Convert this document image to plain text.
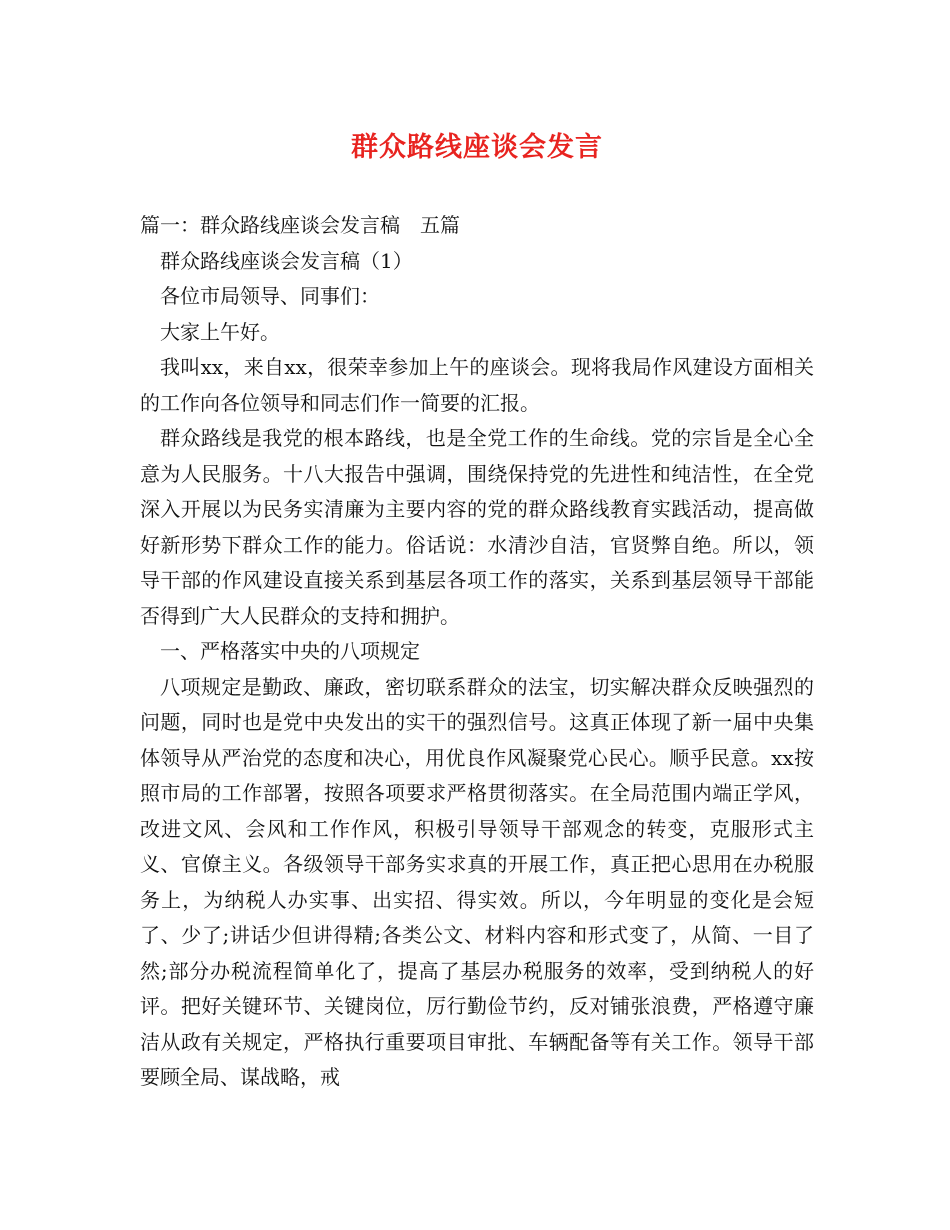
群众路线座谈会发言

篇一：群众路线座谈会发言稿　五篇

群众路线座谈会发言稿（1）

各位市局领导、同事们：

大家上午好。

我叫xx，来自xx，很荣幸参加上午的座谈会。现将我局作风建设方面相关的工作向各位领导和同志们作一简要的汇报。

群众路线是我党的根本路线，也是全党工作的生命线。党的宗旨是全心全意为人民服务。十八大报告中强调，围绕保持党的先进性和纯洁性，在全党深入开展以为民务实清廉为主要内容的党的群众路线教育实践活动，提高做好新形势下群众工作的能力。俗话说：水清沙自洁，官贤弊自绝。所以，领导干部的作风建设直接关系到基层各项工作的落实，关系到基层领导干部能否得到广大人民群众的支持和拥护。

一、严格落实中央的八项规定

八项规定是勤政、廉政，密切联系群众的法宝，切实解决群众反映强烈的问题，同时也是党中央发出的实干的强烈信号。这真正体现了新一届中央集体领导从严治党的态度和决心，用优良作风凝聚党心民心。顺乎民意。xx按照市局的工作部署，按照各项要求严格贯彻落实。在全局范围内端正学风，改进文风、会风和工作作风，积极引导领导干部观念的转变，克服形式主义、官僚主义。各级领导干部务实求真的开展工作，真正把心思用在办税服务上，为纳税人办实事、出实招、得实效。所以，今年明显的变化是会短了、少了;讲话少但讲得精;各类公文、材料内容和形式变了，从简、一目了然;部分办税流程简单化了，提高了基层办税服务的效率，受到纳税人的好评。把好关键环节、关键岗位，厉行勤俭节约，反对铺张浪费，严格遵守廉洁从政有关规定，严格执行重要项目审批、车辆配备等有关工作。领导干部要顾全局、谋战略，戒
